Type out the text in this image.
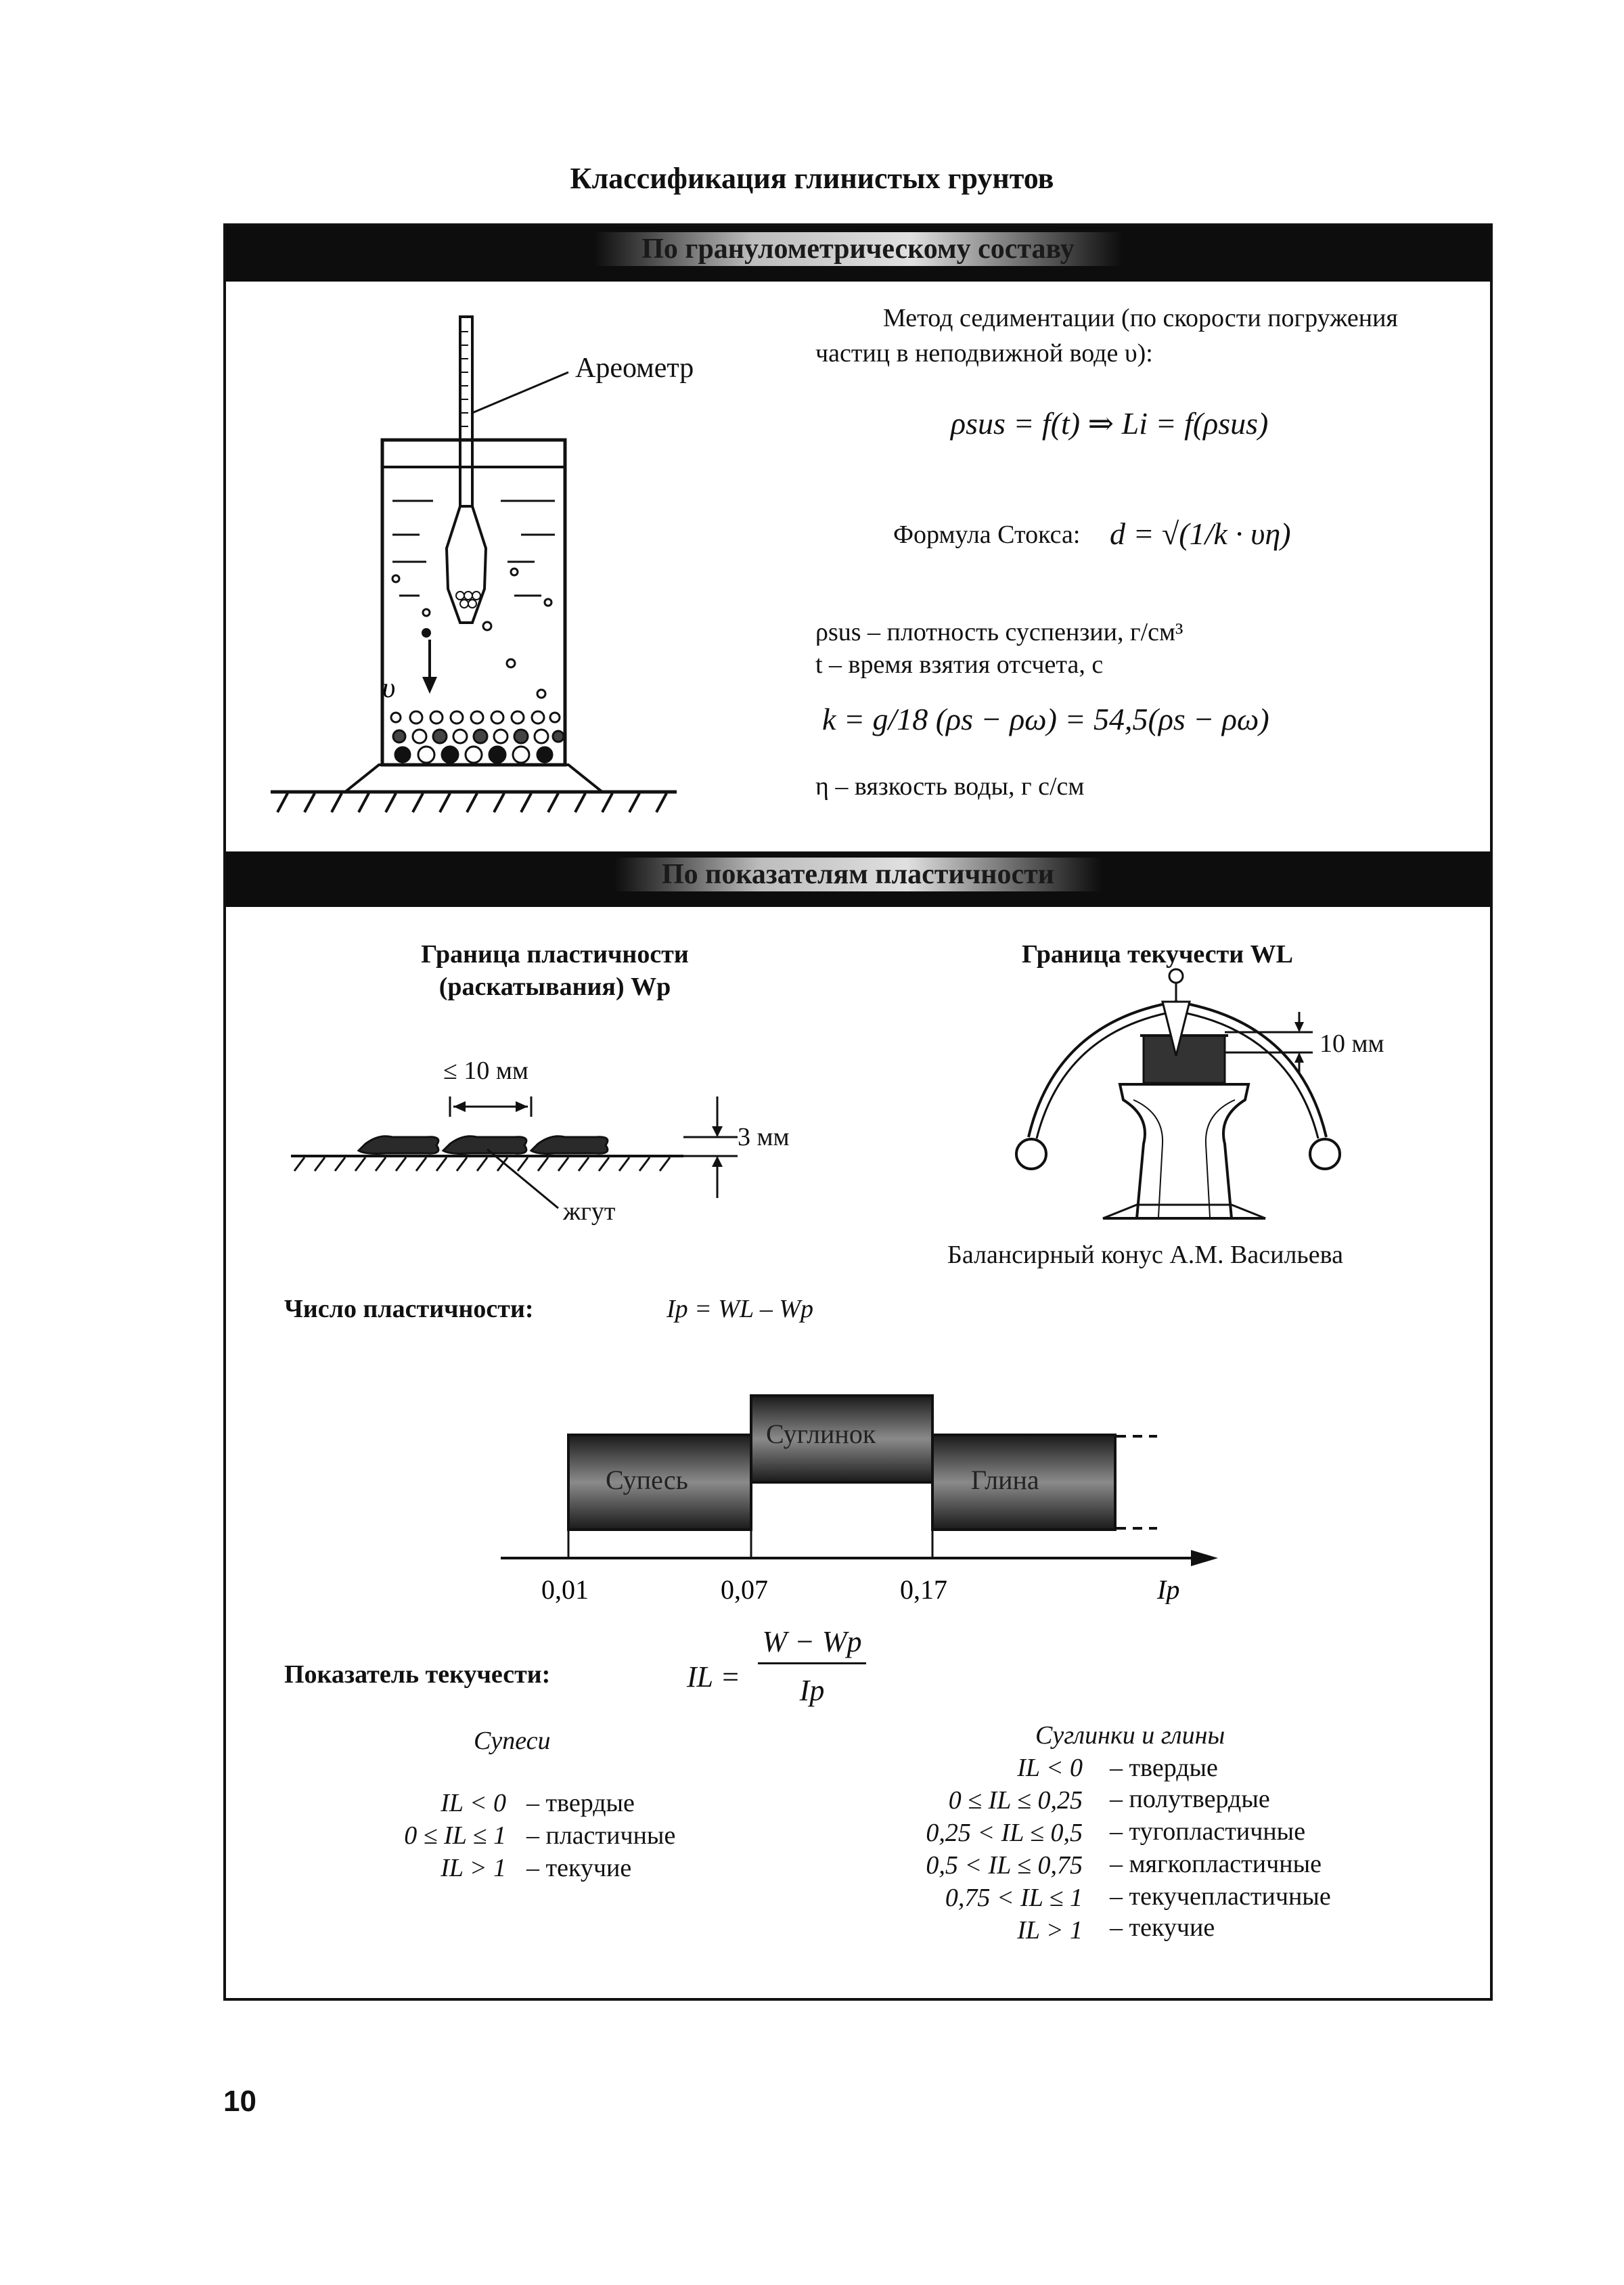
Классификация глинистых грунтов
По гранулометрическому составу
υ
Ареометр
Метод седиментации (по скорости погружения
частиц в неподвижной воде υ):
ρsus = f(t) ⇒ Li = f(ρsus)
Формула Стокса: d = √(1/k · υη)
ρsus – плотность суспензии, г/см³
t – время взятия отсчета, с
k = g/18 (ρs − ρω) = 54,5(ρs − ρω)
η – вязкость воды, г с/см
По показателям пластичности
Граница пластичности
(раскатывания) Wp
≤ 10 мм
3 мм
жгут
Граница текучести WL
10 мм
Балансирный конус А.М. Васильева
Число пластичности:	Ip = WL – Wp
Супесь
Суглинок
Глина
0,01	0,07	0,17	Ip
Показатель текучести:	IL =
W − Wp
Ip
Супеси
IL < 0 – твердые
0 ≤ IL ≤ 1 – пластичные
IL > 1 – текучие
Суглинки и глины
IL < 0 – твердые
0 ≤ IL ≤ 0,25 – полутвердые
0,25 < IL ≤ 0,5 – тугопластичные
0,5 < IL ≤ 0,75 – мягкопластичные
0,75 < IL ≤ 1 – текучепластичные
IL > 1 – текучие
10
